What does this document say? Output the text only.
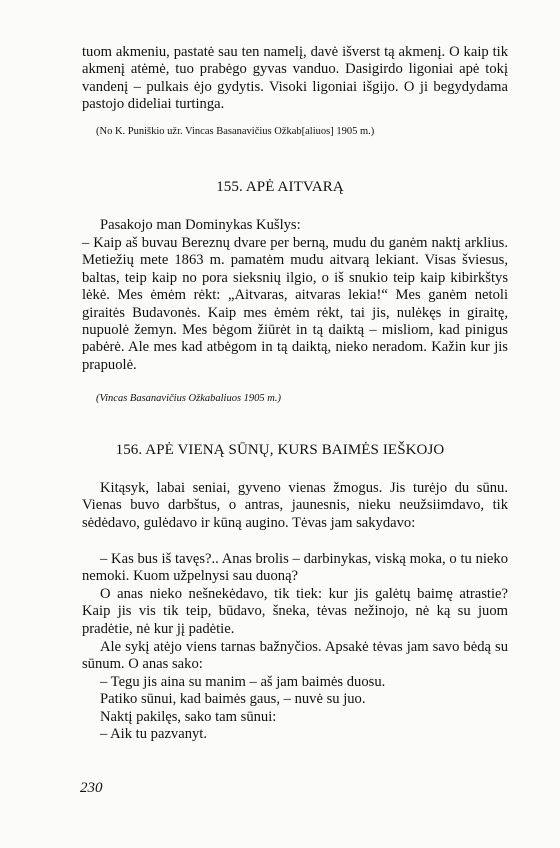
tuom akmeniu, pastatė sau ten namelį, davė išverst tą akmenį. O kaip tik akmenį atėmė, tuo prabėgo gyvas vanduo. Dasigirdo ligoniai apė tokį vandenį – pulkais ėjo gydytis. Visoki ligoniai išgijo. O ji begydydama pastojo dideliai turtinga.

(No K. Puniškio užr. Vincas Basanavičius Ožkab[aliuos] 1905 m.)

155. APĖ AITVARĄ

Pasakojo man Dominykas Kušlys:

– Kaip aš buvau Bereznų dvare per berną, mudu du ganėm naktį arklius. Metiežių mete 1863 m. pamatėm mudu aitvarą lekiant. Visas šviesus, baltas, teip kaip no pora sieksnių ilgio, o iš snukio teip kaip kibirkštys lėkė. Mes ėmėm rėkt: „Aitvaras, aitvaras lekia!“ Mes ganėm netoli giraitės Budavonės. Kaip mes ėmėm rėkt, tai jis, nulėkęs in giraitę, nupuolė žemyn. Mes bėgom žiūrėt in tą daiktą – misliom, kad pinigus pabėrė. Ale mes kad atbėgom in tą daiktą, nieko neradom. Kažin kur jis prapuolė.

(Vincas Basanavičius Ožkabaliuos 1905 m.)

156. APĖ VIENĄ SŪNŲ, KURS BAIMĖS IEŠKOJO

Kitąsyk, labai seniai, gyveno vienas žmogus. Jis turėjo du sūnu. Vienas buvo darbštus, o antras, jaunesnis, nieku neužsiimdavo, tik sėdėdavo, gulėdavo ir kūną augino. Tėvas jam sakydavo:

– Kas bus iš tavęs?.. Anas brolis – darbinykas, viską moka, o tu nieko nemoki. Kuom užpelnysi sau duoną?

O anas nieko nešnekėdavo, tik tiek: kur jis galėtų baimę atrastie? Kaip jis vis tik teip, būdavo, šneka, tėvas nežinojo, nė ką su juom pradėtie, nė kur jį padėtie.

Ale sykį atėjo viens tarnas bažnyčios. Apsakė tėvas jam savo bėdą su sūnum. O anas sako:

– Tegu jis aina su manim – aš jam baimės duosu.

Patiko sūnui, kad baimės gaus, – nuvė su juo.

Naktį pakilęs, sako tam sūnui:

– Aik tu pazvanyt.

230
